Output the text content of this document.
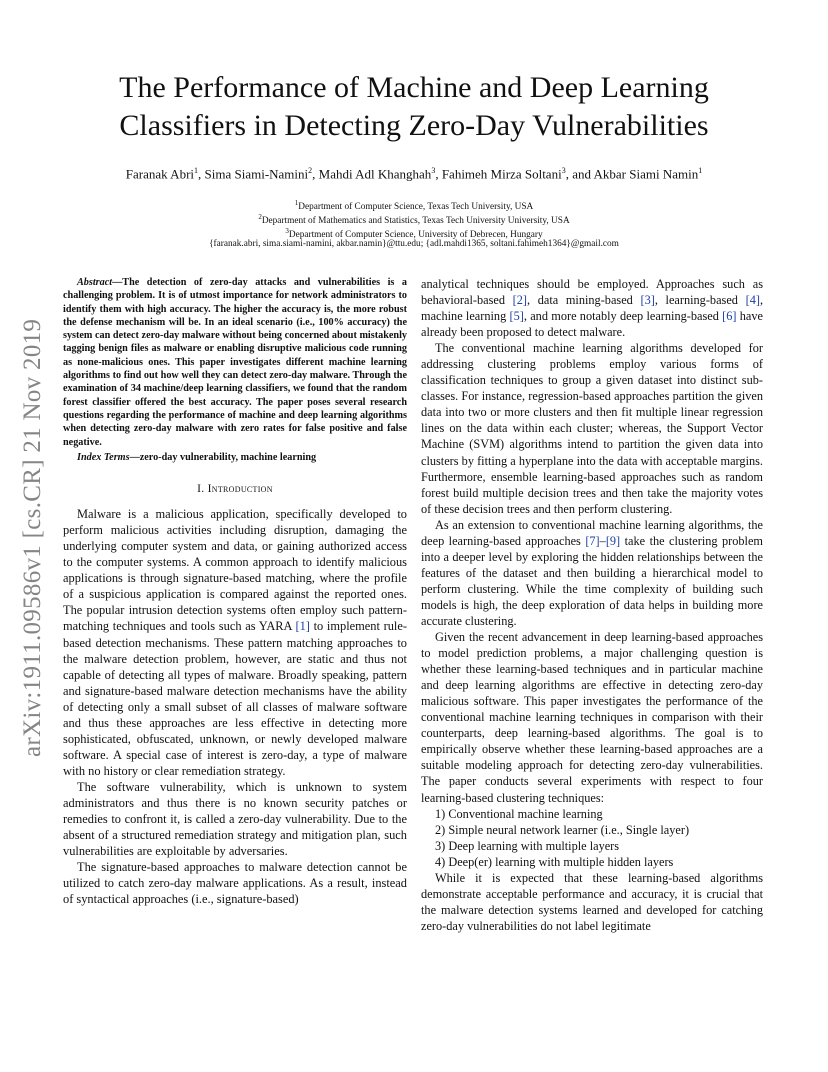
arXiv:1911.09586v1 [cs.CR] 21 Nov 2019
The Performance of Machine and Deep Learning
Classifiers in Detecting Zero-Day Vulnerabilities
Faranak Abri$^1$, Sima Siami-Namini$^2$, Mahdi Adl Khanghah$^3$, Fahimeh Mirza Soltani$^3$, and Akbar Siami Namin$^1$
$^1$Department of Computer Science, Texas Tech University, USA
$^2$Department of Mathematics and Statistics, Texas Tech University University, USA
$^3$Department of Computer Science, University of Debrecen, Hungary
{faranak.abri, sima.siami-namini, akbar.namin}@ttu.edu; {adl.mahdi1365, soltani.fahimeh1364}@gmail.com

Abstract—The detection of zero-day attacks and vulnerabilities is a challenging problem. It is of utmost importance for network administrators to identify them with high accuracy. The higher the accuracy is, the more robust the defense mechanism will be. In an ideal scenario (i.e., 100% accuracy) the system can detect zero-day malware without being concerned about mistakenly tagging benign files as malware or enabling disruptive malicious code running as none-malicious ones. This paper investigates different machine learning algorithms to find out how well they can detect zero-day malware. Through the examination of 34 machine/deep learning classifiers, we found that the random forest classifier offered the best accuracy. The paper poses several research questions regarding the performance of machine and deep learning algorithms when detecting zero-day malware with zero rates for false positive and false negative.

Index Terms—zero-day vulnerability, machine learning

I. Introduction

Malware is a malicious application, specifically developed to perform malicious activities including disruption, damaging the underlying computer system and data, or gaining authorized access to the computer systems. A common approach to identify malicious applications is through signature-based matching, where the profile of a suspicious application is compared against the reported ones. The popular intrusion detection systems often employ such pattern-matching techniques and tools such as YARA [1] to implement rule-based detection mechanisms. These pattern matching approaches to the malware detection problem, however, are static and thus not capable of detecting all types of malware. Broadly speaking, pattern and signature-based malware detection mechanisms have the ability of detecting only a small subset of all classes of malware software and thus these approaches are less effective in detecting more sophisticated, obfuscated, unknown, or newly developed malware software. A special case of interest is zero-day, a type of malware with no history or clear remediation strategy.

The software vulnerability, which is unknown to system administrators and thus there is no known security patches or remedies to confront it, is called a zero-day vulnerability. Due to the absent of a structured remediation strategy and mitigation plan, such vulnerabilities are exploitable by adversaries.

The signature-based approaches to malware detection cannot be utilized to catch zero-day malware applications. As a result, instead of syntactical approaches (i.e., signature-based)

analytical techniques should be employed. Approaches such as behavioral-based [2], data mining-based [3], learning-based [4], machine learning [5], and more notably deep learning-based [6] have already been proposed to detect malware.

The conventional machine learning algorithms developed for addressing clustering problems employ various forms of classification techniques to group a given dataset into distinct sub-classes. For instance, regression-based approaches partition the given data into two or more clusters and then fit multiple linear regression lines on the data within each cluster; whereas, the Support Vector Machine (SVM) algorithms intend to partition the given data into clusters by fitting a hyperplane into the data with acceptable margins. Furthermore, ensemble learning-based approaches such as random forest build multiple decision trees and then take the majority votes of these decision trees and then perform clustering.

As an extension to conventional machine learning algorithms, the deep learning-based approaches [7]–[9] take the clustering problem into a deeper level by exploring the hidden relationships between the features of the dataset and then building a hierarchical model to perform clustering. While the time complexity of building such models is high, the deep exploration of data helps in building more accurate clustering.

Given the recent advancement in deep learning-based approaches to model prediction problems, a major challenging question is whether these learning-based techniques and in particular machine and deep learning algorithms are effective in detecting zero-day malicious software. This paper investigates the performance of the conventional machine learning techniques in comparison with their counterparts, deep learning-based algorithms. The goal is to empirically observe whether these learning-based approaches are a suitable modeling approach for detecting zero-day vulnerabilities. The paper conducts several experiments with respect to four learning-based clustering techniques:

1) Conventional machine learning
2) Simple neural network learner (i.e., Single layer)
3) Deep learning with multiple layers
4) Deep(er) learning with multiple hidden layers

While it is expected that these learning-based algorithms demonstrate acceptable performance and accuracy, it is crucial that the malware detection systems learned and developed for catching zero-day vulnerabilities do not label legitimate
